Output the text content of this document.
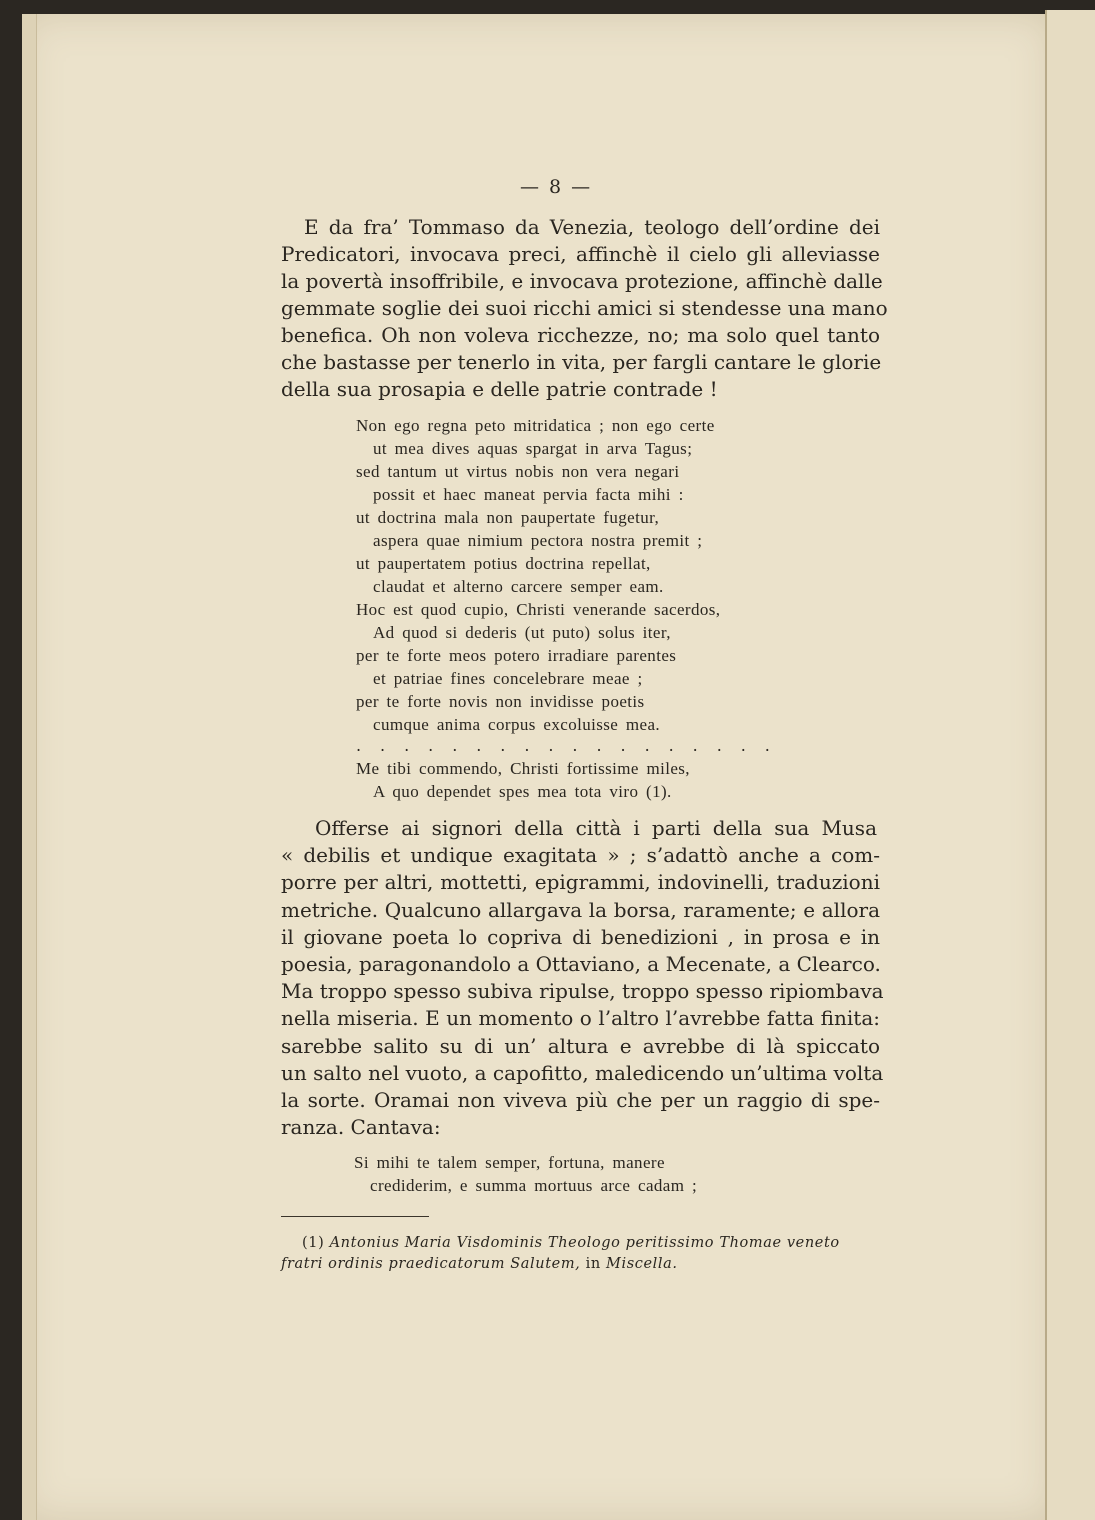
— 8 —
E da fra’ Tommaso da Venezia, teologo dell’ordine dei
Predicatori, invocava preci, affinchè il cielo gli alleviasse
la povertà insoffribile, e invocava protezione, affinchè dalle
gemmate soglie dei suoi ricchi amici si stendesse una mano
benefica. Oh non voleva ricchezze, no; ma solo quel tanto
che bastasse per tenerlo in vita, per fargli cantare le glorie
della sua prosapia e delle patrie contrade !
Non ego regna peto mitridatica ; non ego certe
ut mea dives aquas spargat in arva Tagus;
sed tantum ut virtus nobis non vera negari
possit et haec maneat pervia facta mihi :
ut doctrina mala non paupertate fugetur,
aspera quae nimium pectora nostra premit ;
ut paupertatem potius doctrina repellat,
claudat et alterno carcere semper eam.
Hoc est quod cupio, Christi venerande sacerdos,
Ad quod si dederis (ut puto) solus iter,
per te forte meos potero irradiare parentes
et patriae fines concelebrare meae ;
per te forte novis non invidisse poetis
cumque anima corpus excoluisse mea.
Me tibi commendo, Christi fortissime miles,
A quo dependet spes mea tota viro (1).
Offerse ai signori della città i parti della sua Musa
« debilis et undique exagitata » ; s’adattò anche a com-
porre per altri, mottetti, epigrammi, indovinelli, traduzioni
metriche. Qualcuno allargava la borsa, raramente; e allora
il giovane poeta lo copriva di benedizioni , in prosa e in
poesia, paragonandolo a Ottaviano, a Mecenate, a Clearco.
Ma troppo spesso subiva ripulse, troppo spesso ripiombava
nella miseria. E un momento o l’altro l’avrebbe fatta finita:
sarebbe salito su di un’ altura e avrebbe di là spiccato
un salto nel vuoto, a capofitto, maledicendo un’ultima volta
la sorte. Oramai non viveva più che per un raggio di spe-
ranza. Cantava:
Si mihi te talem semper, fortuna, manere
crediderim, e summa mortuus arce cadam ;
. . . . . . . . . . . . . . . . . .
(1) Antonius Maria Visdominis Theologo peritissimo Thomae veneto
fratri ordinis praedicatorum Salutem, in Miscella.
